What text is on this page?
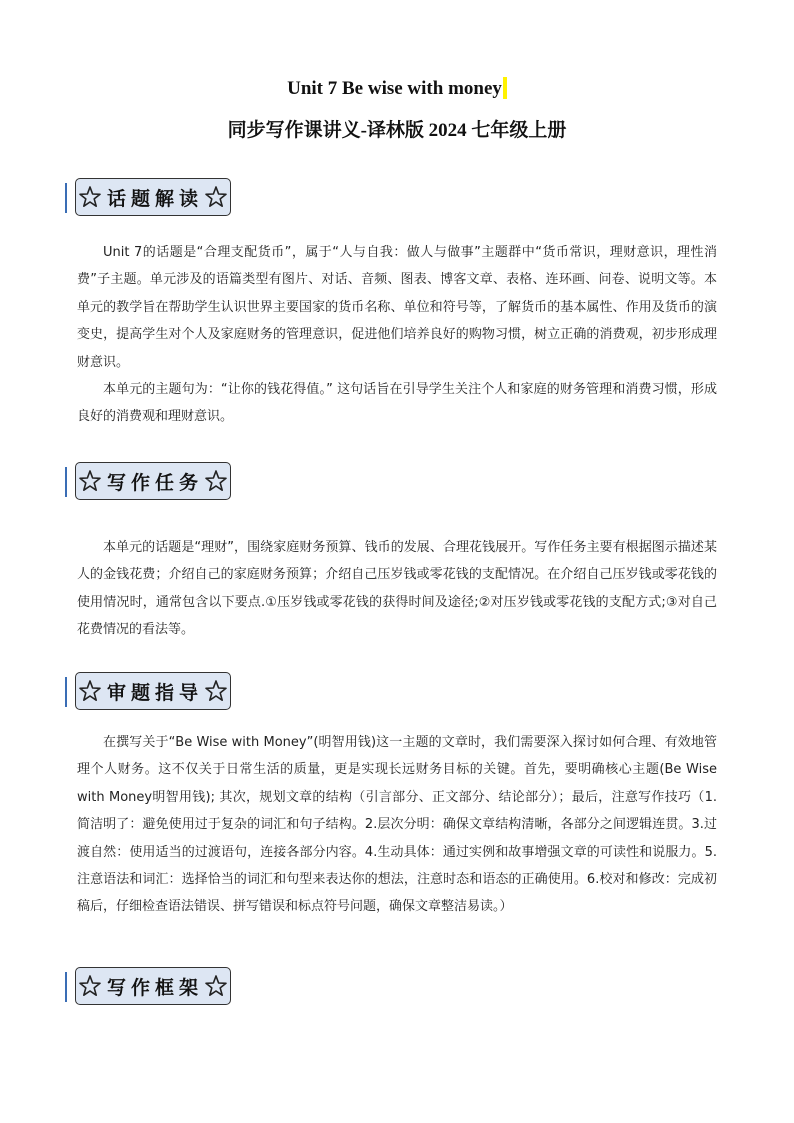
Unit 7 Be wise with money
同步写作课讲义-译林版 2024 七年级上册
话题解读

Unit 7的话题是“合理支配货币”，属于“人与自我：做人与做事”主题群中“货币常识，理财意识，理性消费”子主题。单元涉及的语篇类型有图片、对话、音频、图表、博客文章、表格、连环画、问卷、说明文等。本单元的教学旨在帮助学生认识世界主要国家的货币名称、单位和符号等，了解货币的基本属性、作用及货币的演变史，提高学生对个人及家庭财务的管理意识，促进他们培养良好的购物习惯，树立正确的消费观，初步形成理财意识。

本单元的主题句为：“让你的钱花得值。” 这句话旨在引导学生关注个人和家庭的财务管理和消费习惯，形成良好的消费观和理财意识。

写作任务

本单元的话题是“理财”，围绕家庭财务预算、钱币的发展、合理花钱展开。写作任务主要有根据图示描述某人的金钱花费；介绍自己的家庭财务预算；介绍自己压岁钱或零花钱的支配情况。在介绍自己压岁钱或零花钱的使用情况时，通常包含以下要点.①压岁钱或零花钱的获得时间及途径;②对压岁钱或零花钱的支配方式;③对自己花费情况的看法等。

审题指导

在撰写关于“Be Wise with Money”(明智用钱)这一主题的文章时，我们需要深入探讨如何合理、有效地管理个人财务。这不仅关于日常生活的质量，更是实现长远财务目标的关键。首先，要明确核心主题(Be Wise with Money明智用钱); 其次，规划文章的结构（引言部分、正文部分、结论部分）；最后，注意写作技巧（1.简洁明了：避免使用过于复杂的词汇和句子结构。2.层次分明：确保文章结构清晰，各部分之间逻辑连贯。3.过渡自然：使用适当的过渡语句，连接各部分内容。4.生动具体：通过实例和故事增强文章的可读性和说服力。5.注意语法和词汇：选择恰当的词汇和句型来表达你的想法，注意时态和语态的正确使用。6.校对和修改：完成初稿后，仔细检查语法错误、拼写错误和标点符号问题，确保文章整洁易读。）

写作框架
